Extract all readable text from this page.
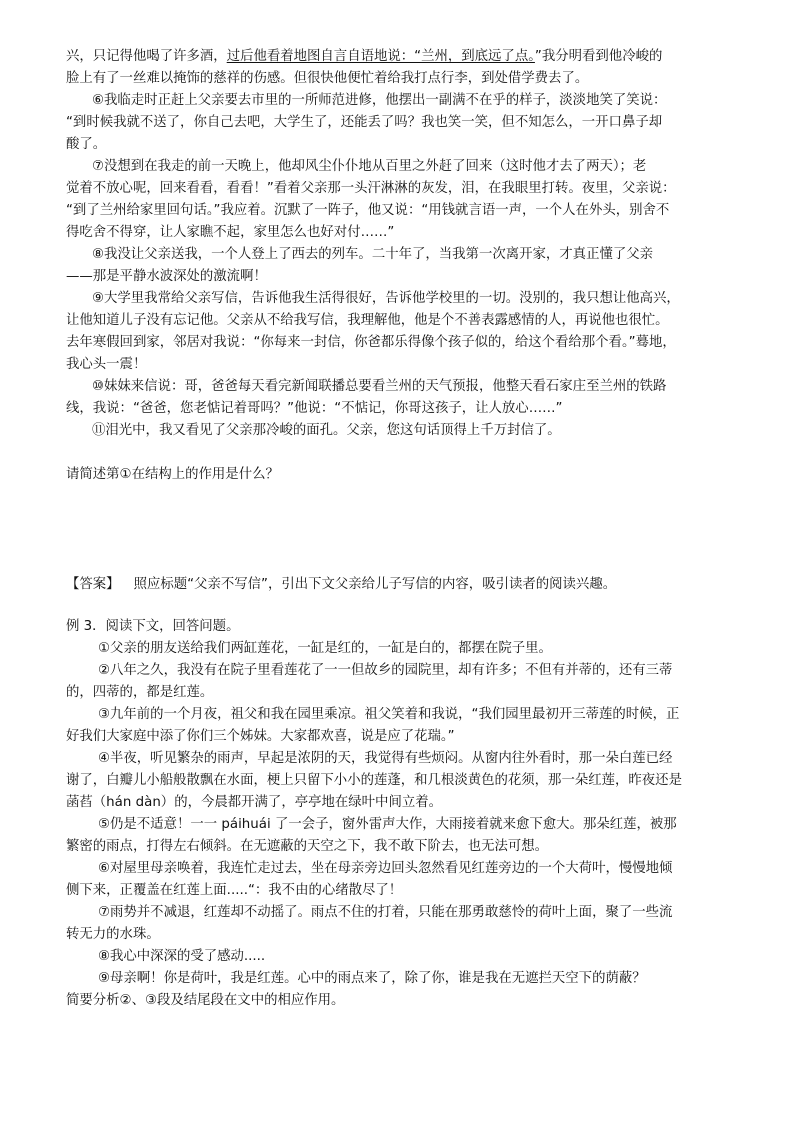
兴，只记得他喝了许多酒，过后他看着地图自言自语地说：“兰州，到底远了点。”我分明看到他冷峻的
脸上有了一丝难以掩饰的慈祥的伤感。但很快他便忙着给我打点行李，到处借学费去了。
⑥我临走时正赶上父亲要去市里的一所师范进修，他摆出一副满不在乎的样子，淡淡地笑了笑说：
“到时候我就不送了，你自己去吧，大学生了，还能丢了吗？我也笑一笑，但不知怎么，一开口鼻子却
酸了。
⑦没想到在我走的前一天晚上，他却风尘仆仆地从百里之外赶了回来（这时他才去了两天）；老
觉着不放心呢，回来看看，看看！”看着父亲那一头汗淋淋的灰发，泪，在我眼里打转。夜里，父亲说：
“到了兰州给家里回句话。”我应着。沉默了一阵子，他又说：“用钱就言语一声，一个人在外头，别舍不
得吃舍不得穿，让人家瞧不起，家里怎么也好对付……”
⑧我没让父亲送我，一个人登上了西去的列车。二十年了，当我第一次离开家，才真正懂了父亲
——那是平静水波深处的激流啊！
⑨大学里我常给父亲写信，告诉他我生活得很好，告诉他学校里的一切。没别的，我只想让他高兴，
让他知道儿子没有忘记他。父亲从不给我写信，我理解他，他是个不善表露感情的人，再说他也很忙。
去年寒假回到家，邻居对我说：“你每来一封信，你爸都乐得像个孩子似的，给这个看给那个看。”蓦地，
我心头一震！
⑩妹妹来信说：哥，爸爸每天看完新闻联播总要看兰州的天气预报，他整天看石家庄至兰州的铁路
线，我说：“爸爸，您老惦记着哥吗？”他说：“不惦记，你哥这孩子，让人放心……”
⑪泪光中，我又看见了父亲那冷峻的面孔。父亲，您这句话顶得上千万封信了。
请简述第①在结构上的作用是什么？
【答案】 照应标题“父亲不写信”，引出下文父亲给儿子写信的内容，吸引读者的阅读兴趣。
例 3．阅读下文，回答问题。
①父亲的朋友送给我们两缸莲花，一缸是红的，一缸是白的，都摆在院子里。
②八年之久，我没有在院子里看莲花了一一但故乡的园院里，却有许多；不但有并蒂的，还有三蒂
的，四蒂的，都是红莲。
③九年前的一个月夜，祖父和我在园里乘凉。祖父笑着和我说，“我们园里最初开三蒂莲的时候，正
好我们大家庭中添了你们三个姊妹。大家都欢喜，说是应了花瑞。”
④半夜，听见繁杂的雨声，早起是浓阴的天，我觉得有些烦闷。从窗内往外看时，那一朵白莲已经
谢了，白瓣儿小船般散飘在水面，梗上只留下小小的莲蓬，和几根淡黄色的花须，那一朵红莲，昨夜还是
菡萏（hán dàn）的，今晨都开满了，亭亭地在绿叶中间立着。
⑤仍是不适意！一一 páihuái 了一会子，窗外雷声大作，大雨接着就来愈下愈大。那朵红莲，被那
繁密的雨点，打得左右倾斜。在无遮蔽的天空之下，我不敢下阶去，也无法可想。
⑥对屋里母亲唤着，我连忙走过去，坐在母亲旁边回头忽然看见红莲旁边的一个大荷叶，慢慢地倾
侧下来，正覆盖在红莲上面.....“：我不由的心绪散尽了！
⑦雨势并不减退，红莲却不动摇了。雨点不住的打着，只能在那勇敢慈怜的荷叶上面，聚了一些流
转无力的水珠。
⑧我心中深深的受了感动.....
⑨母亲啊！你是荷叶，我是红莲。心中的雨点来了，除了你，谁是我在无遮拦天空下的荫蔽？
简要分析②、③段及结尾段在文中的相应作用。
